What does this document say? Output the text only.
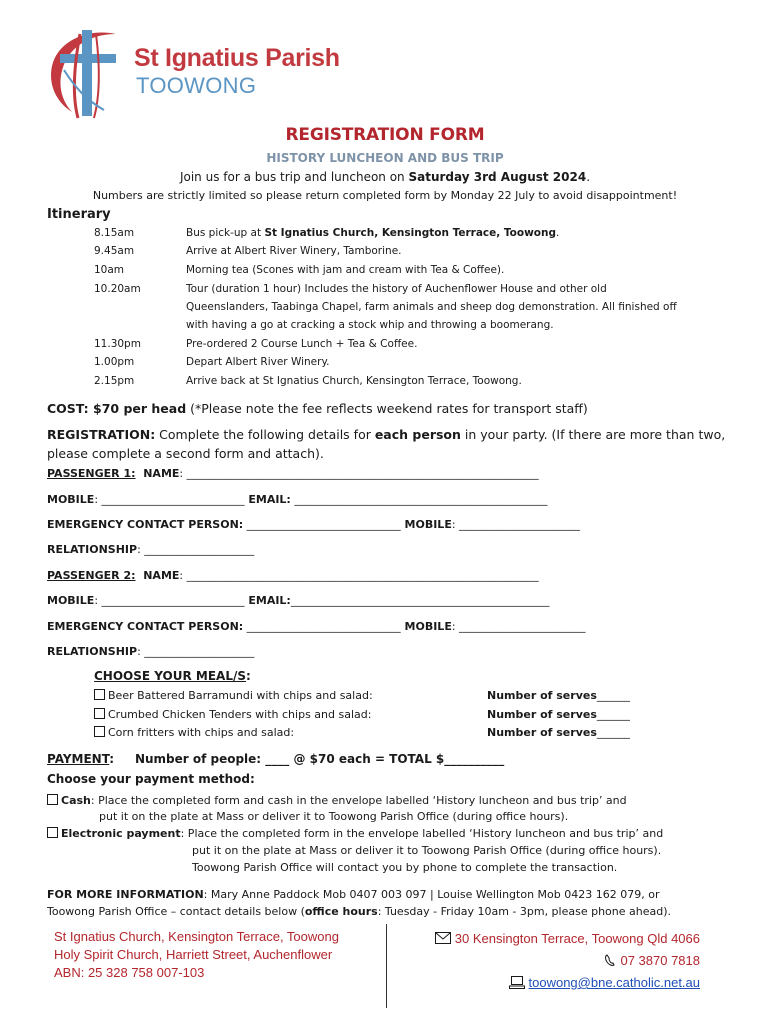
St Ignatius Parish
TOOWONG
REGISTRATION FORM
HISTORY LUNCHEON AND BUS TRIP
Join us for a bus trip and luncheon on Saturday 3rd August 2024.
Numbers are strictly limited so please return completed form by Monday 22 July to avoid disappointment!
Itinerary
8.15am	Bus pick-up at St Ignatius Church, Kensington Terrace, Toowong.
9.45am	Arrive at Albert River Winery, Tamborine.
10am	Morning tea (Scones with jam and cream with Tea & Coffee).
10.20am	Tour (duration 1 hour) Includes the history of Auchenflower House and other old
Queenslanders, Taabinga Chapel, farm animals and sheep dog demonstration. All finished off
with having a go at cracking a stock whip and throwing a boomerang.
11.30pm	Pre-ordered 2 Course Lunch + Tea & Coffee.
1.00pm	Depart Albert River Winery.
2.15pm	Arrive back at St Ignatius Church, Kensington Terrace, Toowong.
COST: $70 per head (*Please note the fee reflects weekend rates for transport staff)
REGISTRATION: Complete the following details for each person in your party. (If there are more than two, please complete a second form and attach).
PASSENGER 1: NAME: ________________________________________________________________
MOBILE: __________________________ EMAIL: ______________________________________________
EMERGENCY CONTACT PERSON: ____________________________ MOBILE: ______________________
RELATIONSHIP: ____________________
PASSENGER 2: NAME: ________________________________________________________________
MOBILE: __________________________ EMAIL:_______________________________________________
EMERGENCY CONTACT PERSON: ____________________________ MOBILE: _______________________
RELATIONSHIP: ____________________
CHOOSE YOUR MEAL/S:
Beer Battered Barramundi with chips and salad:	Number of serves______
Crumbed Chicken Tenders with chips and salad:	Number of serves______
Corn fritters with chips and salad:	Number of serves______
PAYMENT: Number of people: ____ @ $70 each = TOTAL $__________
Choose your payment method:
Cash: Place the completed form and cash in the envelope labelled ‘History luncheon and bus trip’ and
put it on the plate at Mass or deliver it to Toowong Parish Office (during office hours).
Electronic payment: Place the completed form in the envelope labelled ‘History luncheon and bus trip’ and
put it on the plate at Mass or deliver it to Toowong Parish Office (during office hours).
Toowong Parish Office will contact you by phone to complete the transaction.
FOR MORE INFORMATION: Mary Anne Paddock Mob 0407 003 097 | Louise Wellington Mob 0423 162 079, or
Toowong Parish Office – contact details below (office hours: Tuesday - Friday 10am - 3pm, please phone ahead).
St Ignatius Church, Kensington Terrace, Toowong
Holy Spirit Church, Harriett Street, Auchenflower
ABN: 25 328 758 007-103
30 Kensington Terrace, Toowong Qld 4066
07 3870 7818
toowong@bne.catholic.net.au
